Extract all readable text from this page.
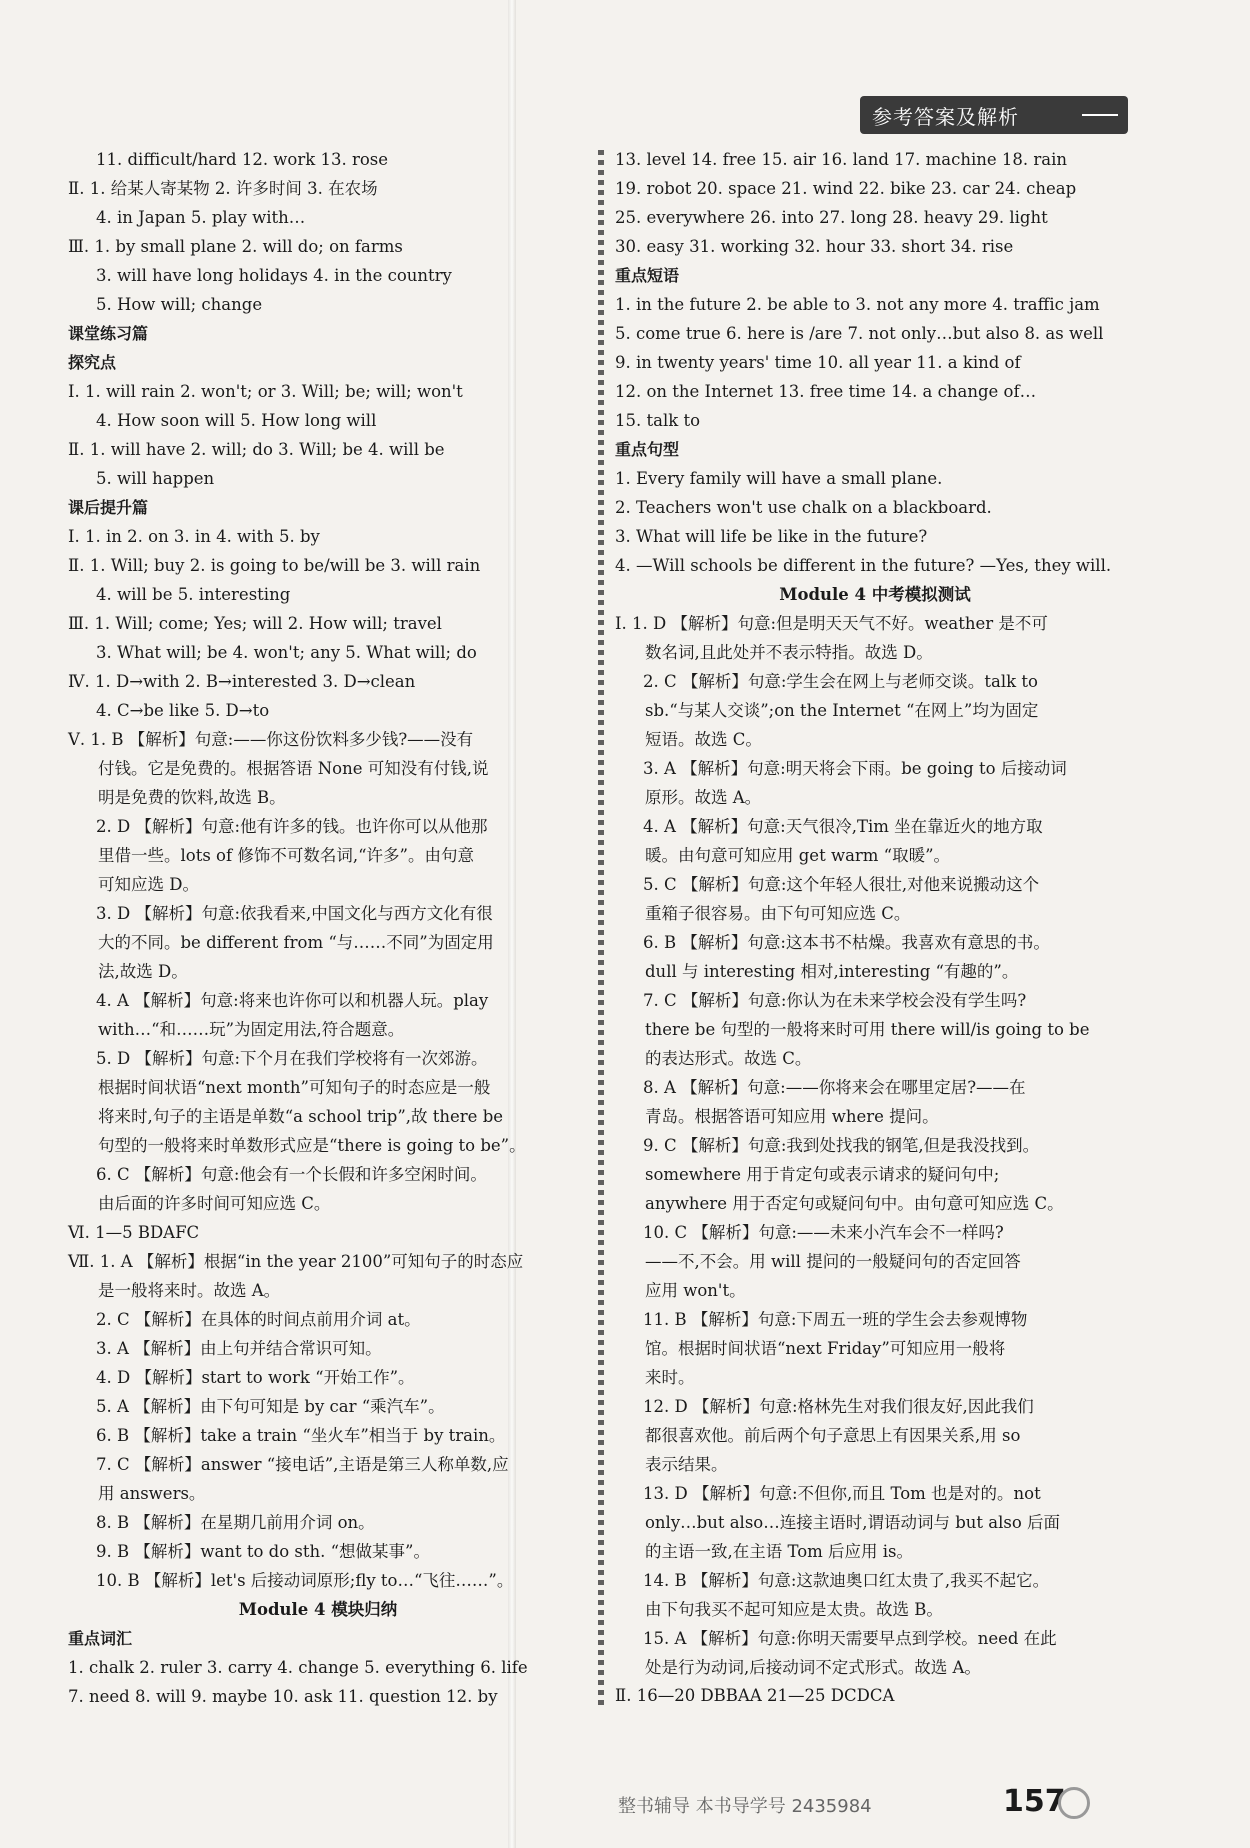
参考答案及解析
11. difficult/hard 12. work 13. rose
Ⅱ. 1. 给某人寄某物 2. 许多时间 3. 在农场
4. in Japan 5. play with…
Ⅲ. 1. by small plane 2. will do; on farms
3. will have long holidays 4. in the country
5. How will; change
课堂练习篇
探究点
Ⅰ. 1. will rain 2. won't; or 3. Will; be; will; won't
4. How soon will 5. How long will
Ⅱ. 1. will have 2. will; do 3. Will; be 4. will be
5. will happen
课后提升篇
Ⅰ. 1. in 2. on 3. in 4. with 5. by
Ⅱ. 1. Will; buy 2. is going to be/will be 3. will rain
4. will be 5. interesting
Ⅲ. 1. Will; come; Yes; will 2. How will; travel
3. What will; be 4. won't; any 5. What will; do
Ⅳ. 1. D→with 2. B→interested 3. D→clean
4. C→be like 5. D→to
Ⅴ. 1. B 【解析】句意:——你这份饮料多少钱?——没有
付钱。它是免费的。根据答语 None 可知没有付钱,说
明是免费的饮料,故选 B。
2. D 【解析】句意:他有许多的钱。也许你可以从他那
里借一些。lots of 修饰不可数名词,“许多”。由句意
可知应选 D。
3. D 【解析】句意:依我看来,中国文化与西方文化有很
大的不同。be different from “与……不同”为固定用
法,故选 D。
4. A 【解析】句意:将来也许你可以和机器人玩。play
with…“和……玩”为固定用法,符合题意。
5. D 【解析】句意:下个月在我们学校将有一次郊游。
根据时间状语“next month”可知句子的时态应是一般
将来时,句子的主语是单数“a school trip”,故 there be
句型的一般将来时单数形式应是“there is going to be”。
6. C 【解析】句意:他会有一个长假和许多空闲时间。
由后面的许多时间可知应选 C。
Ⅵ. 1—5 BDAFC
Ⅶ. 1. A 【解析】根据“in the year 2100”可知句子的时态应
是一般将来时。故选 A。
2. C 【解析】在具体的时间点前用介词 at。
3. A 【解析】由上句并结合常识可知。
4. D 【解析】start to work “开始工作”。
5. A 【解析】由下句可知是 by car “乘汽车”。
6. B 【解析】take a train “坐火车”相当于 by train。
7. C 【解析】answer “接电话”,主语是第三人称单数,应
用 answers。
8. B 【解析】在星期几前用介词 on。
9. B 【解析】want to do sth. “想做某事”。
10. B 【解析】let's 后接动词原形;fly to…“飞往……”。
Module 4 模块归纳
重点词汇
13. level 14. free 15. air 16. land 17. machine 18. rain
19. robot 20. space 21. wind 22. bike 23. car 24. cheap
25. everywhere 26. into 27. long 28. heavy 29. light
30. easy 31. working 32. hour 33. short 34. rise
重点短语
1. in the future 2. be able to 3. not any more 4. traffic jam
5. come true 6. here is /are 7. not only…but also 8. as well
9. in twenty years' time 10. all year 11. a kind of
12. on the Internet 13. free time 14. a change of…
15. talk to
重点句型
1. Every family will have a small plane.
2. Teachers won't use chalk on a blackboard.
3. What will life be like in the future?
4. —Will schools be different in the future? —Yes, they will.
Module 4 中考模拟测试
Ⅰ. 1. D 【解析】句意:但是明天天气不好。weather 是不可
数名词,且此处并不表示特指。故选 D。
2. C 【解析】句意:学生会在网上与老师交谈。talk to
sb.“与某人交谈”;on the Internet “在网上”均为固定
短语。故选 C。
3. A 【解析】句意:明天将会下雨。be going to 后接动词
原形。故选 A。
4. A 【解析】句意:天气很冷,Tim 坐在靠近火的地方取
暖。由句意可知应用 get warm “取暖”。
5. C 【解析】句意:这个年轻人很壮,对他来说搬动这个
重箱子很容易。由下句可知应选 C。
6. B 【解析】句意:这本书不枯燥。我喜欢有意思的书。
dull 与 interesting 相对,interesting “有趣的”。
7. C 【解析】句意:你认为在未来学校会没有学生吗?
there be 句型的一般将来时可用 there will/is going to be
的表达形式。故选 C。
8. A 【解析】句意:——你将来会在哪里定居?——在
青岛。根据答语可知应用 where 提问。
9. C 【解析】句意:我到处找我的钢笔,但是我没找到。
somewhere 用于肯定句或表示请求的疑问句中;
anywhere 用于否定句或疑问句中。由句意可知应选 C。
10. C 【解析】句意:——未来小汽车会不一样吗?
——不,不会。用 will 提问的一般疑问句的否定回答
应用 won't。
11. B 【解析】句意:下周五一班的学生会去参观博物
馆。根据时间状语“next Friday”可知应用一般将
来时。
12. D 【解析】句意:格林先生对我们很友好,因此我们
都很喜欢他。前后两个句子意思上有因果关系,用 so
表示结果。
13. D 【解析】句意:不但你,而且 Tom 也是对的。not
only…but also…连接主语时,谓语动词与 but also 后面
的主语一致,在主语 Tom 后应用 is。
14. B 【解析】句意:这款迪奥口红太贵了,我买不起它。
由下句我买不起可知应是太贵。故选 B。
15. A 【解析】句意:你明天需要早点到学校。need 在此
处是行为动词,后接动词不定式形式。故选 A。
1. chalk 2. ruler 3. carry 4. change 5. everything 6. life
7. need 8. will 9. maybe 10. ask 11. question 12. by	Ⅱ. 16—20 DBBAA 21—25 DCDCA
整书辅导 本书导学号 2435984	157
